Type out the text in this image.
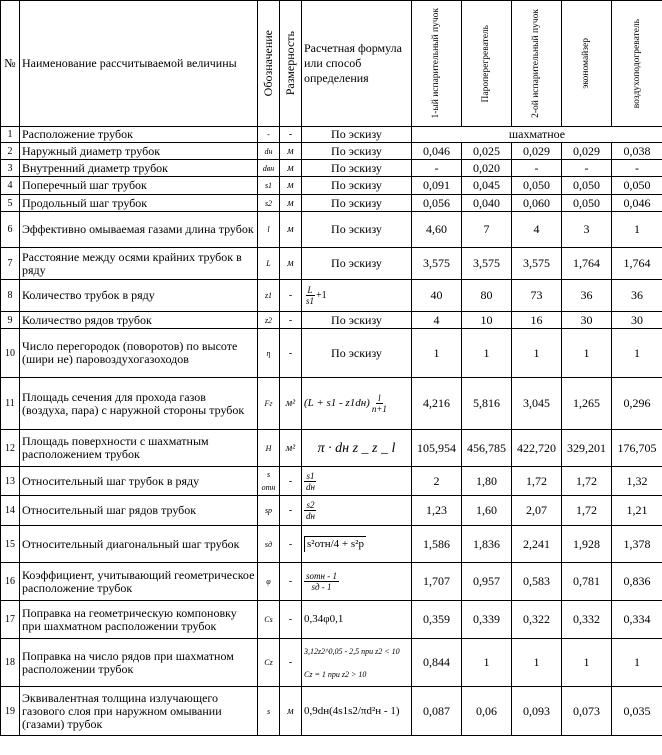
№	Наименование рассчитываемой величины	Обозначение	Размерность	Расчетная формула или способ определения	1-ый испарительный пучок	Пароперегреватель	2-ой испарительный пучок	экономайзер	воздухоподогреватель

1	Расположение трубок	-	-	По эскизу	шахматное				
2	Наружный диаметр трубок	dн	м	По эскизу	0,046	0,025	0,029	0,029	0,038
3	Внутренний диаметр трубок	dвн	м	По эскизу	-	0,020	-	-	-
4	Поперечный шаг трубок	s1	м	По эскизу	0,091	0,045	0,050	0,050	0,050
5	Продольный шаг трубок	s2	м	По эскизу	0,056	0,040	0,060	0,050	0,046
6	Эффективно омываемая газами длина трубок	l	м	По эскизу	4,60	7	4	3	1
7	Расстояние между осями крайних трубок в ряду	L	м	По эскизу	3,575	3,575	3,575	1,764	1,764
8	Количество трубок в ряду	z1	-	$\frac{L}{s1} +1$	40	80	73	36	36
9	Количество рядов трубок	z2	-	По эскизу	4	10	16	30	30
10	Число перегородок (поворотов) по высоте (шири не) паровоздухогазоходов	η	-	По эскизу	1	1	1	1	1
11	Площадь сечения для прохода газов (воздуха, пара) с наружной стороны трубок	Fг	м²	$(L + s1 - z1dн) \frac{l}{n+1}$	4,216	5,816	3,045	1,265	0,296
12	Площадь поверхности с шахматным расположением трубок	H	м²	π · dн z _ z _ l	105,954	456,785	422,720	329,201	176,705
13	Относительный шаг трубок в ряду	s отн	-	$\frac{s1}{dн}$	2	1,80	1,72	1,72	1,32
14	Относительный шаг рядов трубок	sр	-	$\frac{s2}{dн}$	1,23	1,60	2,07	1,72	1,21
15	Относительный диагональный шаг трубок	sд	-	s²отн/4 + s²р	1,586	1,836	2,241	1,928	1,378
16	Коэффициент, учитывающий геометрическое расположение трубок	φ	-	$\frac{\text{sотн - 1}}{sд - 1}$	1,707	0,957	0,583	0,781	0,836
17	Поправка на геометрическую компоновку при шахматном расположении трубок	Cs	-	0,34φ0,1	0,359	0,339	0,322	0,332	0,334
18	Поправка на число рядов при шахматном расположении трубок	Cz	-	3,12z2^0,05 - 2,5 при z2 < 10
Cz = 1 при z2 > 10	0,844	1	1	1	1
19	Эквивалентная толщина излучающего газового слоя при наружном омывании (газами) трубок	s	м	0,9dн(4s1s2/πd²н - 1)	0,087	0,06	0,093	0,073	0,035
